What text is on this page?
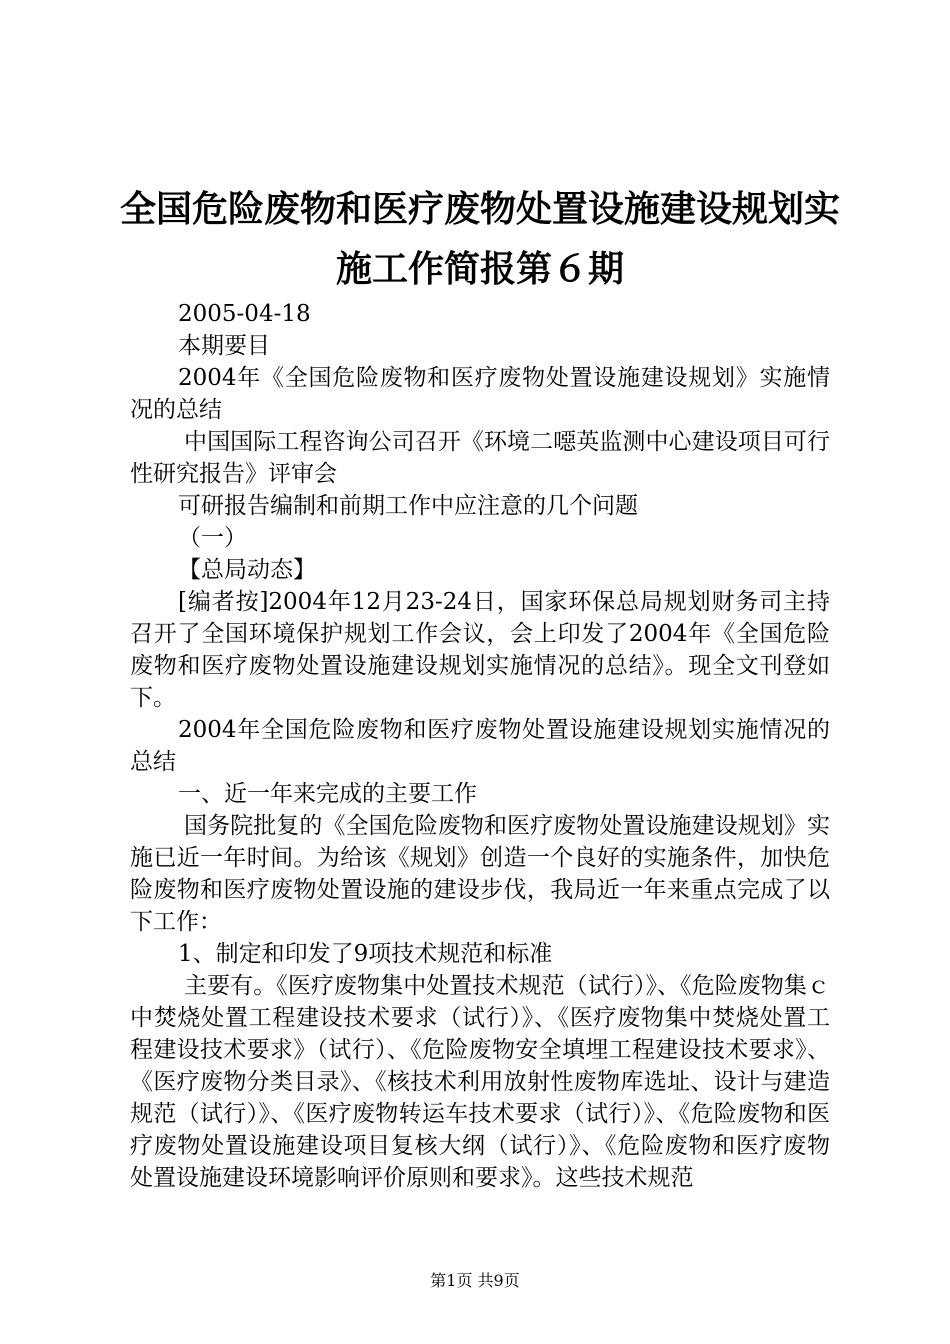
全国危险废物和医疗废物处置设施建设规划实
施工作简报第６期

2005-04-18

本期要目

2004年《全国危险废物和医疗废物处置设施建设规划》实施情况的总结

中国国际工程咨询公司召开《环境二噁英监测中心建设项目可行性研究报告》评审会

可研报告编制和前期工作中应注意的几个问题

（一）

【总局动态】

[编者按]2004年12月23-24日，国家环保总局规划财务司主持召开了全国环境保护规划工作会议，会上印发了2004年《全国危险废物和医疗废物处置设施建设规划实施情况的总结》。现全文刊登如下。

2004年全国危险废物和医疗废物处置设施建设规划实施情况的总结

一、近一年来完成的主要工作

国务院批复的《全国危险废物和医疗废物处置设施建设规划》实施已近一年时间。为给该《规划》创造一个良好的实施条件，加快危险废物和医疗废物处置设施的建设步伐，我局近一年来重点完成了以下工作：

1、制定和印发了9项技术规范和标准

主要有。《医疗废物集中处置技术规范（试行）》、《危险废物集ｃ中焚烧处置工程建设技术要求（试行）》、《医疗废物集中焚烧处置工程建设技术要求》（试行）、《危险废物安全填埋工程建设技术要求》、《医疗废物分类目录》、《核技术利用放射性废物库选址、设计与建造规范（试行）》、《医疗废物转运车技术要求（试行）》、《危险废物和医疗废物处置设施建设项目复核大纲（试行）》、《危险废物和医疗废物处置设施建设环境影响评价原则和要求》。这些技术规范

第1页 共9页
